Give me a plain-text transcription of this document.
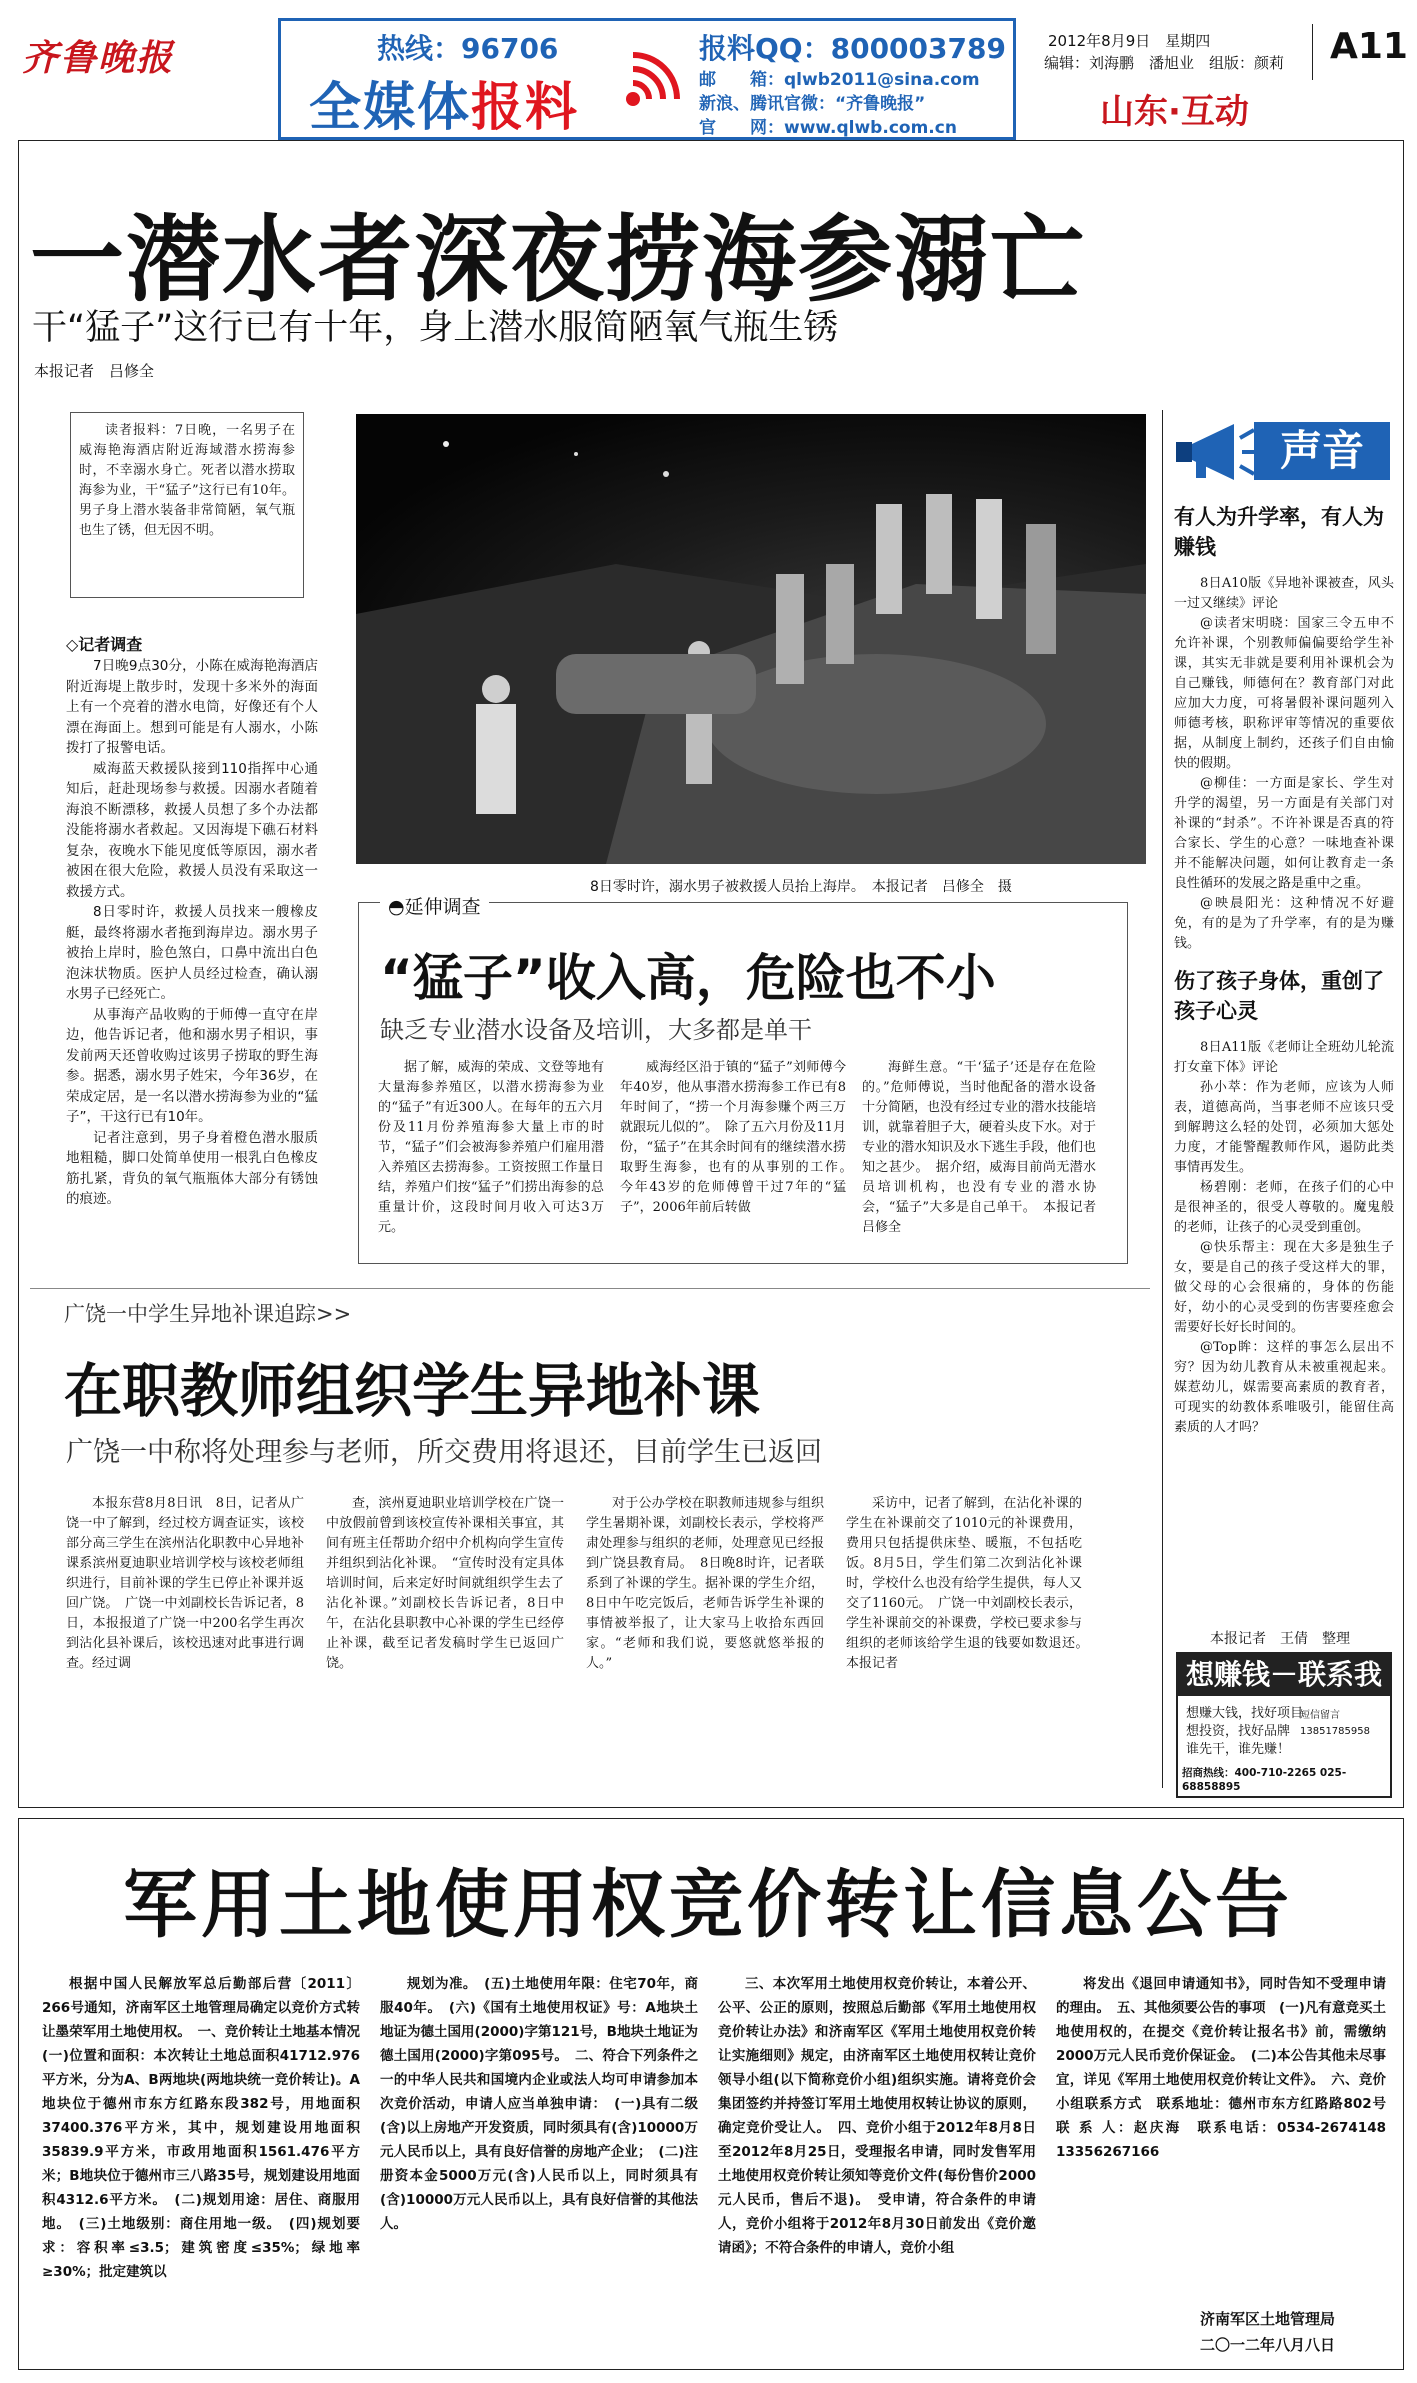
齐鲁晚报	热线：96706	报料QQ：800003789
全媒体报料	邮　　箱：qlwb2011@sina.com
新浪、腾讯官微：“齐鲁晚报”
官　　网：www.qlwb.com.cn
2012年8月9日　星期四
编辑：刘海鹏　潘旭业　组版：颜莉 A11
山东·互动
一潜水者深夜捞海参溺亡
干“猛子”这行已有十年，身上潜水服简陋氧气瓶生锈
本报记者　吕修全

读者报料：7日晚，一名男子在威海艳海酒店附近海域潜水捞海参时，不幸溺水身亡。死者以潜水捞取海参为业，干“猛子”这行已有10年。男子身上潜水装备非常简陋，氧气瓶也生了锈，但无因不明。

◇记者调查

7日晚9点30分，小陈在威海艳海酒店附近海堤上散步时，发现十多米外的海面上有一个亮着的潜水电筒，好像还有个人漂在海面上。想到可能是有人溺水，小陈拨打了报警电话。

威海蓝天救援队接到110指挥中心通知后，赶赴现场参与救援。因溺水者随着海浪不断漂移，救援人员想了多个办法都没能将溺水者救起。又因海堤下礁石材料复杂，夜晚水下能见度低等原因，溺水者被困在很大危险，救援人员没有采取这一救援方式。

8日零时许，救援人员找来一艘橡皮艇，最终将溺水者拖到海岸边。溺水男子被抬上岸时，脸色煞白，口鼻中流出白色泡沫状物质。医护人员经过检查，确认溺水男子已经死亡。

从事海产品收购的于师傅一直守在岸边，他告诉记者，他和溺水男子相识，事发前两天还曾收购过该男子捞取的野生海参。据悉，溺水男子姓宋，今年36岁，在荣成定居，是一名以潜水捞海参为业的“猛子”，干这行已有10年。

记者注意到，男子身着橙色潜水服质地粗糙，脚口处简单使用一根乳白色橡皮筋扎紧，背负的氧气瓶瓶体大部分有锈蚀的痕迹。

8日零时许，溺水男子被救援人员抬上海岸。　本报记者　吕修全　摄
◓延伸调查
“猛子”收入高，危险也不小
缺乏专业潜水设备及培训，大多都是单干

据了解，威海的荣成、文登等地有大量海参养殖区，以潜水捞海参为业的“猛子”有近300人。在每年的五六月份及11月份养殖海参大量上市的时节，“猛子”们会被海参养殖户们雇用潜入养殖区去捞海参。工资按照工作量日结，养殖户们按“猛子”们捞出海参的总重量计价，这段时间月收入可达3万元。

威海经区沿于镇的“猛子”刘师傅今年40岁，他从事潜水捞海参工作已有8年时间了，“捞一个月海参赚个两三万就跟玩儿似的”。　除了五六月份及11月份，“猛子”在其余时间有的继续潜水捞取野生海参，也有的从事别的工作。　今年43岁的危师傅曾干过7年的“猛子”，2006年前后转做

海鲜生意。“干‘猛子’还是存在危险的。”危师傅说，当时他配备的潜水设备十分简陋，也没有经过专业的潜水技能培训，就靠着胆子大，硬着头皮下水。对于专业的潜水知识及水下逃生手段，他们也知之甚少。　据介绍，威海目前尚无潜水员培训机构，也没有专业的潜水协会，“猛子”大多是自己单干。　本报记者　吕修全

声音
有人为升学率，有人为赚钱

8日A10版《异地补课被查，风头一过又继续》评论

@读者宋明晓：国家三令五申不允许补课，个别教师偏偏要给学生补课，其实无非就是要利用补课机会为自己赚钱，师德何在？教育部门对此应加大力度，可将暑假补课问题列入师德考核，职称评审等情况的重要依据，从制度上制约，还孩子们自由愉快的假期。

@柳佳：一方面是家长、学生对升学的渴望，另一方面是有关部门对补课的“封杀”。不许补课是否真的符合家长、学生的心意？一味地查补课并不能解决问题，如何让教育走一条良性循环的发展之路是重中之重。

@映晨阳光：这种情况不好避免，有的是为了升学率，有的是为赚钱。

伤了孩子身体，重创了孩子心灵

8日A11版《老师让全班幼儿轮流打女童下体》评论

孙小萃：作为老师，应该为人师表，道德高尚，当事老师不应该只受到解聘这么轻的处罚，必须加大惩处力度，才能警醒教师作风，遏防此类事情再发生。

杨碧刚：老师，在孩子们的心中是很神圣的，很受人尊敬的。魔鬼般的老师，让孩子的心灵受到重创。

@快乐帮主：现在大多是独生子女，要是自己的孩子受这样大的罪，做父母的心会很痛的，身体的伤能好，幼小的心灵受到的伤害要痊愈会需要好长好长时间的。

@Top眸：这样的事怎么层出不穷？因为幼儿教育从未被重视起来。媒惹幼儿，媒需要高素质的教育者，可现实的幼教体系唯吸引，能留住高素质的人才吗？

本报记者　王倩　整理
想赚钱－联系我
想赚大钱，找好项目
想投资，找好品牌
谁先干，谁先赚！
短信留言 13851785958
招商热线：400-710-2265 025-68858895
广饶一中学生异地补课追踪>>
在职教师组织学生异地补课
广饶一中称将处理参与老师，所交费用将退还，目前学生已返回

本报东营8月8日讯　8日，记者从广饶一中了解到，经过校方调查证实，该校部分高三学生在滨州沾化职教中心异地补课系滨州夏迪职业培训学校与该校老师组织进行，目前补课的学生已停止补课并返回广饶。　广饶一中刘副校长告诉记者，8日，本报报道了广饶一中200名学生再次到沾化县补课后，该校迅速对此事进行调查。经过调

查，滨州夏迪职业培训学校在广饶一中放假前曾到该校宣传补课相关事宜，其间有班主任帮助介绍中介机构向学生宣传并组织到沾化补课。　“宣传时没有定具体培训时间，后来定好时间就组织学生去了沾化补课。”刘副校长告诉记者，8日中午，在沾化县职教中心补课的学生已经停止补课，截至记者发稿时学生已返回广饶。

对于公办学校在职教师违规参与组织学生暑期补课，刘副校长表示，学校将严肃处理参与组织的老师，处理意见已经报到广饶县教育局。　8日晚8时许，记者联系到了补课的学生。据补课的学生介绍，8日中午吃完饭后，老师告诉学生补课的事情被举报了，让大家马上收拾东西回家。“老师和我们说，要悠就悠举报的人。”

采访中，记者了解到，在沾化补课的学生在补课前交了1010元的补课费用，费用只包括提供床垫、暖瓶，不包括吃饭。8月5日，学生们第二次到沾化补课时，学校什么也没有给学生提供，每人又交了1160元。　广饶一中刘副校长表示，学生补课前交的补课费，学校已要求参与组织的老师该给学生退的钱要如数退还。　本报记者

军用土地使用权竞价转让信息公告

根据中国人民解放军总后勤部后营〔2011〕266号通知，济南军区土地管理局确定以竞价方式转让墨荣军用土地使用权。　一、竞价转让土地基本情况　(一)位置和面积：本次转让土地总面积41712.976平方米，分为A、B两地块(两地块统一竞价转让)。A地块位于德州市东方红路东段382号，用地面积37400.376平方米，其中，规划建设用地面积35839.9平方米，市政用地面积1561.476平方米；B地块位于德州市三八路35号，规划建设用地面积4312.6平方米。　(二)规划用途：居住、商服用地。　(三)土地级别：商住用地一级。　(四)规划要求：容积率≤3.5；建筑密度≤35%；绿地率≥30%；批定建筑以

规划为准。　(五)土地使用年限：住宅70年，商服40年。　(六)《国有土地使用权证》号：A地块土地证为德土国用(2000)字第121号，B地块土地证为德土国用(2000)字第095号。　二、符合下列条件之一的中华人民共和国境内企业或法人均可申请参加本次竞价活动，申请人应当单独申请：　(一)具有二级(含)以上房地产开发资质，同时须具有(含)10000万元人民币以上，具有良好信誉的房地产企业；　(二)注册资本金5000万元(含)人民币以上，同时须具有(含)10000万元人民币以上，具有良好信誉的其他法人。

三、本次军用土地使用权竞价转让，本着公开、公平、公正的原则，按照总后勤部《军用土地使用权竞价转让办法》和济南军区《军用土地使用权竞价转让实施细则》规定，由济南军区土地使用权转让竞价领导小组(以下简称竞价小组)组织实施。请将竞价会集团签约并持签订军用土地使用权转让协议的原则，确定竞价受让人。　四、竞价小组于2012年8月8日至2012年8月25日，受理报名申请，同时发售军用土地使用权竞价转让须知等竞价文件(每份售价2000元人民币，售后不退)。　受申请，符合条件的申请人，竞价小组将于2012年8月30日前发出《竞价邀请函》；不符合条件的申请人，竞价小组

将发出《退回申请通知书》，同时告知不受理申请的理由。　五、其他须要公告的事项　(一)凡有意竞买土地使用权的，在提交《竞价转让报名书》前，需缴纳2000万元人民币竞价保证金。　(二)本公告其他未尽事宜，详见《军用土地使用权竞价转让文件》。　六、竞价小组联系方式　联系地址：德州市东方红路路802号　联 系 人：赵庆海　联系电话：0534-2674148　13356267166

济南军区土地管理局
二〇一二年八月八日
